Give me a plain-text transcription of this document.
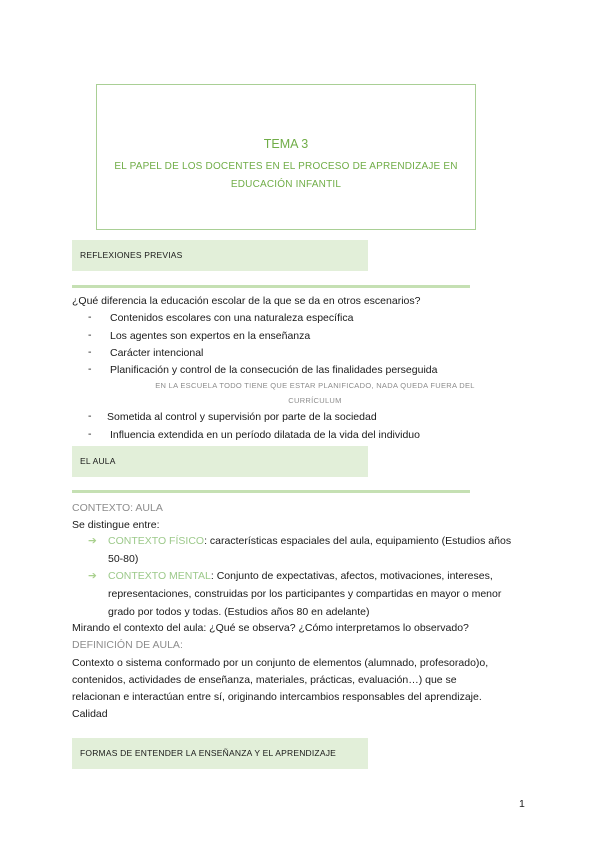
TEMA 3
EL PAPEL DE LOS DOCENTES EN EL PROCESO DE APRENDIZAJE EN EDUCACIÓN INFANTIL
REFLEXIONES PREVIAS
¿Qué diferencia la educación escolar de la que se da en otros escenarios?
- Contenidos escolares con una naturaleza específica
- Los agentes son expertos en la enseñanza
- Carácter intencional
- Planificación y control de la consecución de las finalidades perseguida
EN LA ESCUELA TODO TIENE QUE ESTAR PLANIFICADO, NADA QUEDA FUERA DEL
CURRÍCULUM
- Sometida al control y supervisión por parte de la sociedad
- Influencia extendida en un período dilatada de la vida del individuo
EL AULA
CONTEXTO: AULA
Se distingue entre:
➔ CONTEXTO FÍSICO: características espaciales del aula, equipamiento (Estudios años
50-80)
➔ CONTEXTO MENTAL: Conjunto de expectativas, afectos, motivaciones, intereses,
representaciones, construidas por los participantes y compartidas en mayor o menor
grado por todos y todas. (Estudios años 80 en adelante)
Mirando el contexto del aula: ¿Qué se observa? ¿Cómo interpretamos lo observado?
DEFINICIÓN DE AULA:
Contexto o sistema conformado por un conjunto de elementos (alumnado, profesorado)o,
contenidos, actividades de enseñanza, materiales, prácticas, evaluación…) que se
relacionan e interactúan entre sí, originando intercambios responsables del aprendizaje.
Calidad
FORMAS DE ENTENDER LA ENSEÑANZA Y EL APRENDIZAJE
1
